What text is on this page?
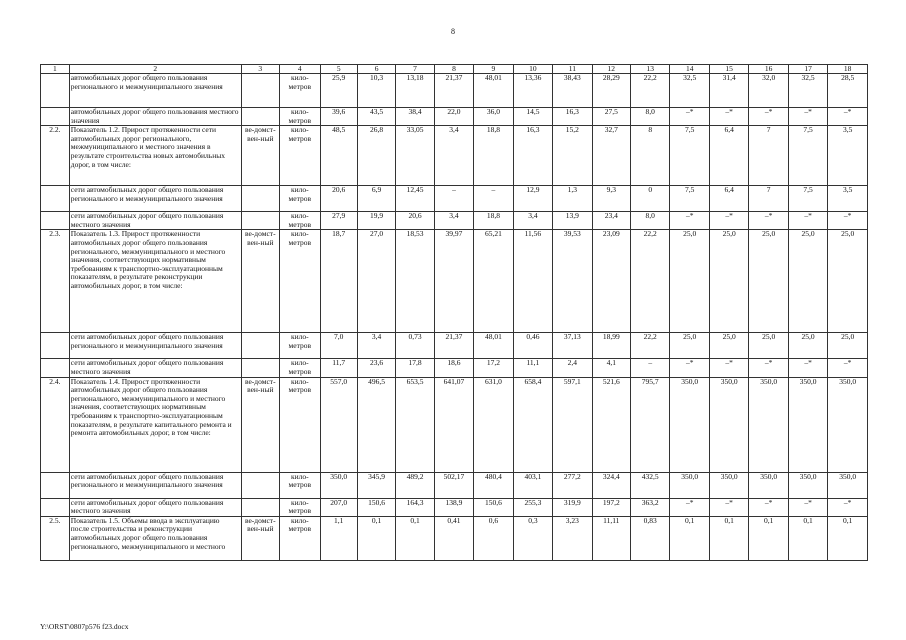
8
1	2	3	4	5	6	7	8	9	10	11	12	13	14	15	16	17	18
	автомобильных дорог общего пользования регионального и межмуниципального значения		кило-метров	25,9	10,3	13,18	21,37	48,01	13,36	38,43	28,29	22,2	32,5	31,4	32,0	32,5	28,5
	автомобильных дорог общего пользования местного значения		кило-метров	39,6	43,5	38,4	22,0	36,0	14,5	16,3	27,5	8,0	–*	–*	–*	–*	–*
2.2.	Показатель 1.2. Прирост протяженности сети автомобильных дорог регионального, межмуниципального и местного значения в результате строительства новых автомобильных дорог, в том числе:	ве-домст-вен-ный	кило-метров	48,5	26,8	33,05	3,4	18,8	16,3	15,2	32,7	8	7,5	6,4	7	7,5	3,5
	сети автомобильных дорог общего пользования регионального и межмуниципального значения		кило-метров	20,6	6,9	12,45	–	–	12,9	1,3	9,3	0	7,5	6,4	7	7,5	3,5
	сети автомобильных дорог общего пользования местного значения		кило-метров	27,9	19,9	20,6	3,4	18,8	3,4	13,9	23,4	8,0	–*	–*	–*	–*	–*
2.3.	Показатель 1.3. Прирост протяженности автомобильных дорог общего пользования регионального, межмуниципального и местного значения, соответствующих нормативным требованиям к транспортно-эксплуатационным показателям, в результате реконструкции автомобильных дорог, в том числе:	ве-домст-вен-ный	кило-метров	18,7	27,0	18,53	39,97	65,21	11,56	39,53	23,09	22,2	25,0	25,0	25,0	25,0	25,0
	сети автомобильных дорог общего пользования регионального и межмуниципального значения		кило-метров	7,0	3,4	0,73	21,37	48,01	0,46	37,13	18,99	22,2	25,0	25,0	25,0	25,0	25,0
	сети автомобильных дорог общего пользования местного значения		кило-метров	11,7	23,6	17,8	18,6	17,2	11,1	2,4	4,1	–	–*	–*	–*	–*	–*
2.4.	Показатель 1.4. Прирост протяженности автомобильных дорог общего пользования регионального, межмуниципального и местного значения, соответствующих нормативным требованиям к транспортно-эксплуатационным показателям, в результате капитального ремонта и ремонта автомобильных дорог, в том числе:	ве-домст-вен-ный	кило-метров	557,0	496,5	653,5	641,07	631,0	658,4	597,1	521,6	795,7	350,0	350,0	350,0	350,0	350,0
	сети автомобильных дорог общего пользования регионального и межмуниципального значения		кило-метров	350,0	345,9	489,2	502,17	480,4	403,1	277,2	324,4	432,5	350,0	350,0	350,0	350,0	350,0
	сети автомобильных дорог общего пользования местного значения		кило-метров	207,0	150,6	164,3	138,9	150,6	255,3	319,9	197,2	363,2	–*	–*	–*	–*	–*
2.5.	Показатель 1.5. Объемы ввода в эксплуатацию после строительства и реконструкции автомобильных дорог общего пользования регионального, межмуниципального и местного	ве-домст-вен-ный	кило-метров	1,1	0,1	0,1	0,41	0,6	0,3	3,23	11,11	0,83	0,1	0,1	0,1	0,1	0,1
Y:\ORST\0807p576 f23.docx
